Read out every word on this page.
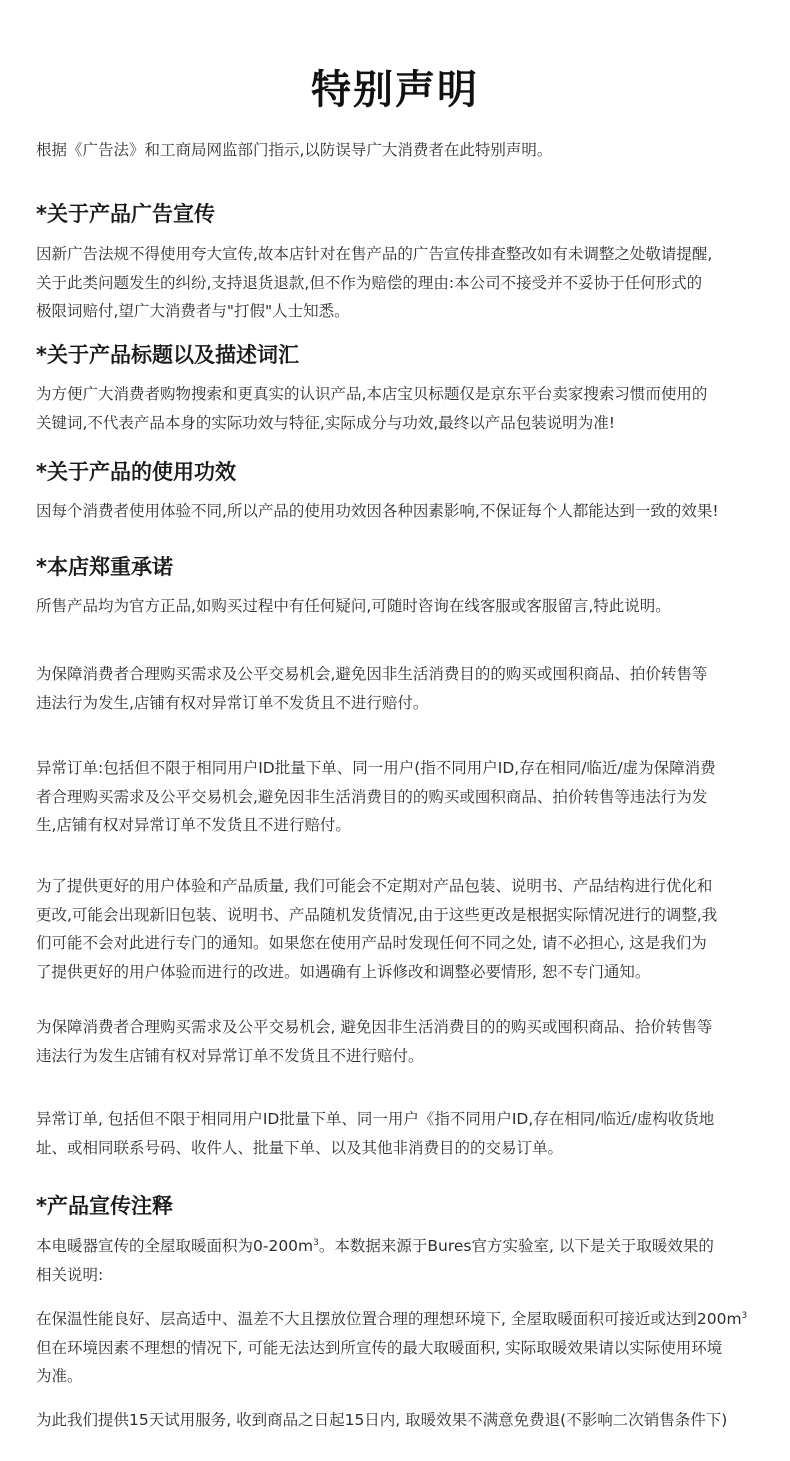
特别声明
根据《广告法》和工商局网监部门指示,以防误导广大消费者在此特别声明。
*关于产品广告宣传
因新广告法规不得使用夸大宣传,故本店针对在售产品的广告宣传排查整改如有未调整之处敬请提醒,
关于此类问题发生的纠纷,支持退货退款,但不作为赔偿的理由:本公司不接受并不妥协于任何形式的
极限词赔付,望广大消费者与"打假"人士知悉。
*关于产品标题以及描述词汇
为方便广大消费者购物搜索和更真实的认识产品,本店宝贝标题仅是京东平台卖家搜索习惯而使用的
关键词,不代表产品本身的实际功效与特征,实际成分与功效,最终以产品包装说明为准!
*关于产品的使用功效
因每个消费者使用体验不同,所以产品的使用功效因各种因素影响,不保证每个人都能达到一致的效果!
*本店郑重承诺
所售产品均为官方正品,如购买过程中有任何疑问,可随时咨询在线客服或客服留言,特此说明。
为保障消费者合理购买需求及公平交易机会,避免因非生活消费目的的购买或囤积商品、拍价转售等
违法行为发生,店铺有权对异常订单不发货且不进行赔付。
异常订单:包括但不限于相同用户ID批量下单、同一用户(指不同用户ID,存在相同/临近/虚为保障消费
者合理购买需求及公平交易机会,避免因非生活消费目的的购买或囤积商品、拍价转售等违法行为发
生,店铺有权对异常订单不发货且不进行赔付。
为了提供更好的用户体验和产品质量, 我们可能会不定期对产品包装、说明书、产品结构进行优化和
更改,可能会出现新旧包装、说明书、产品随机发货情况,由于这些更改是根据实际情况进行的调整,我
们可能不会对此进行专门的通知。如果您在使用产品时发现任何不同之处, 请不必担心, 这是我们为
了提供更好的用户体验而进行的改进。如遇确有上诉修改和调整必要情形, 恕不专门通知。
为保障消费者合理购买需求及公平交易机会, 避免因非生活消费目的的购买或囤积商品、拾价转售等
违法行为发生店铺有权对异常订单不发货且不进行赔付。
异常订单, 包括但不限于相同用户ID批量下单、同一用户《指不同用户ID,存在相同/临近/虚构收货地
址、或相同联系号码、收件人、批量下单、以及其他非消费目的的交易订单。
*产品宣传注释
本电暖器宣传的全屋取暖面积为$0-200m^3$。本数据来源于Bures官方实验室, 以下是关于取暖效果的
相关说明:
在保温性能良好、层高适中、温差不大且摆放位置合理的理想环境下, 全屋取暖面积可接近或达到$200m^3$
但在环境因素不理想的情况下, 可能无法达到所宣传的最大取暖面积, 实际取暖效果请以实际使用环境
为准。
为此我们提供15天试用服务, 收到商品之日起15日内, 取暖效果不满意免费退(不影响二次销售条件下)
